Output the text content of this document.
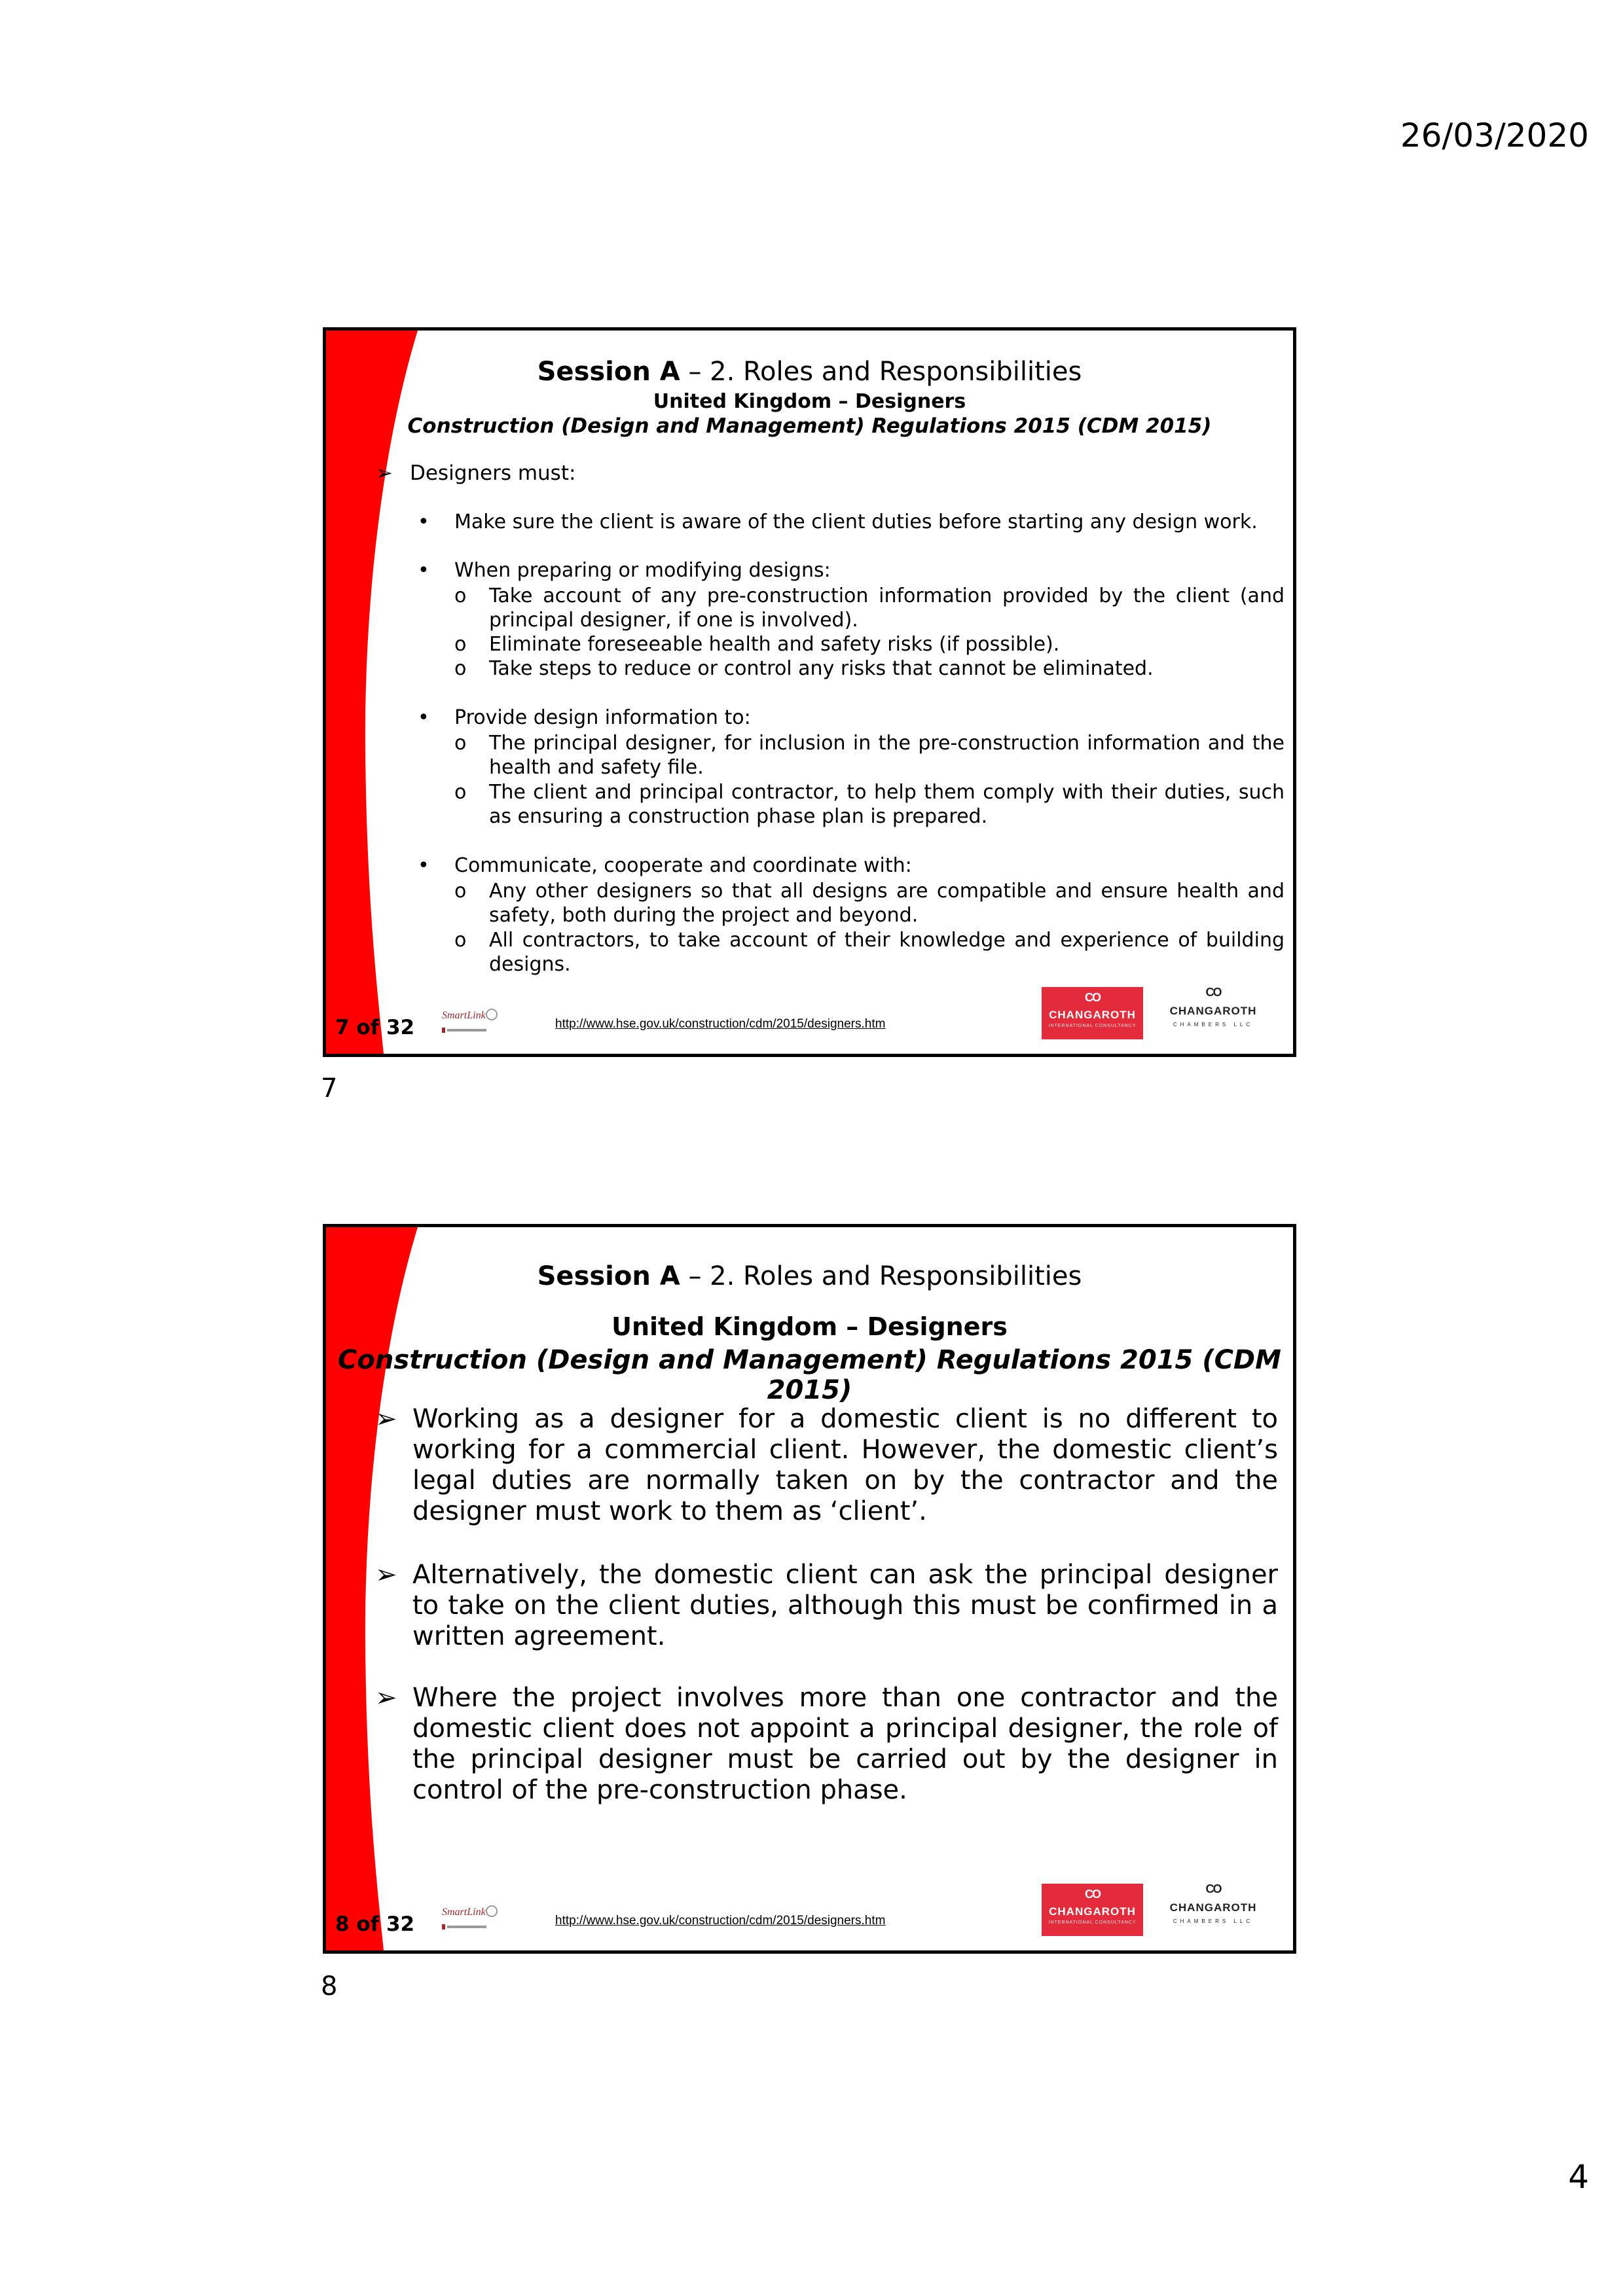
26/03/2020
4
Session A – 2. Roles and Responsibilities
United Kingdom – Designers
Construction (Design and Management) Regulations 2015 (CDM 2015)
➢ Designers must:
• Make sure the client is aware of the client duties before starting any design work.
• When preparing or modifying designs:
o Take account of any pre-construction information provided by the client (and principal designer, if one is involved).
o Eliminate foreseeable health and safety risks (if possible).
o Take steps to reduce or control any risks that cannot be eliminated.
• Provide design information to:
o The principal designer, for inclusion in the pre-construction information and the health and safety file.
o The client and principal contractor, to help them comply with their duties, such as ensuring a construction phase plan is prepared.
• Communicate, cooperate and coordinate with:
o Any other designers so that all designs are compatible and ensure health and safety, both during the project and beyond.
o All contractors, to take account of their knowledge and experience of building designs.
7 of 32
SmartLink
http://www.hse.gov.uk/construction/cdm/2015/designers.htm
CO
CHANGAROTH
INTERNATIONAL CONSULTANCY
CO
CHANGAROTH
CHAMBERS LLC
7
Session A – 2. Roles and Responsibilities
United Kingdom – Designers
Construction (Design and Management) Regulations 2015 (CDM 2015)
➢ Working as a designer for a domestic client is no different to working for a commercial client. However, the domestic client’s legal duties are normally taken on by the contractor and the designer must work to them as ‘client’.
➢ Alternatively, the domestic client can ask the principal designer to take on the client duties, although this must be confirmed in a written agreement.
➢ Where the project involves more than one contractor and the domestic client does not appoint a principal designer, the role of the principal designer must be carried out by the designer in control of the pre-construction phase.
8 of 32
SmartLink
http://www.hse.gov.uk/construction/cdm/2015/designers.htm
CO
CHANGAROTH
INTERNATIONAL CONSULTANCY
CO
CHANGAROTH
CHAMBERS LLC
8
